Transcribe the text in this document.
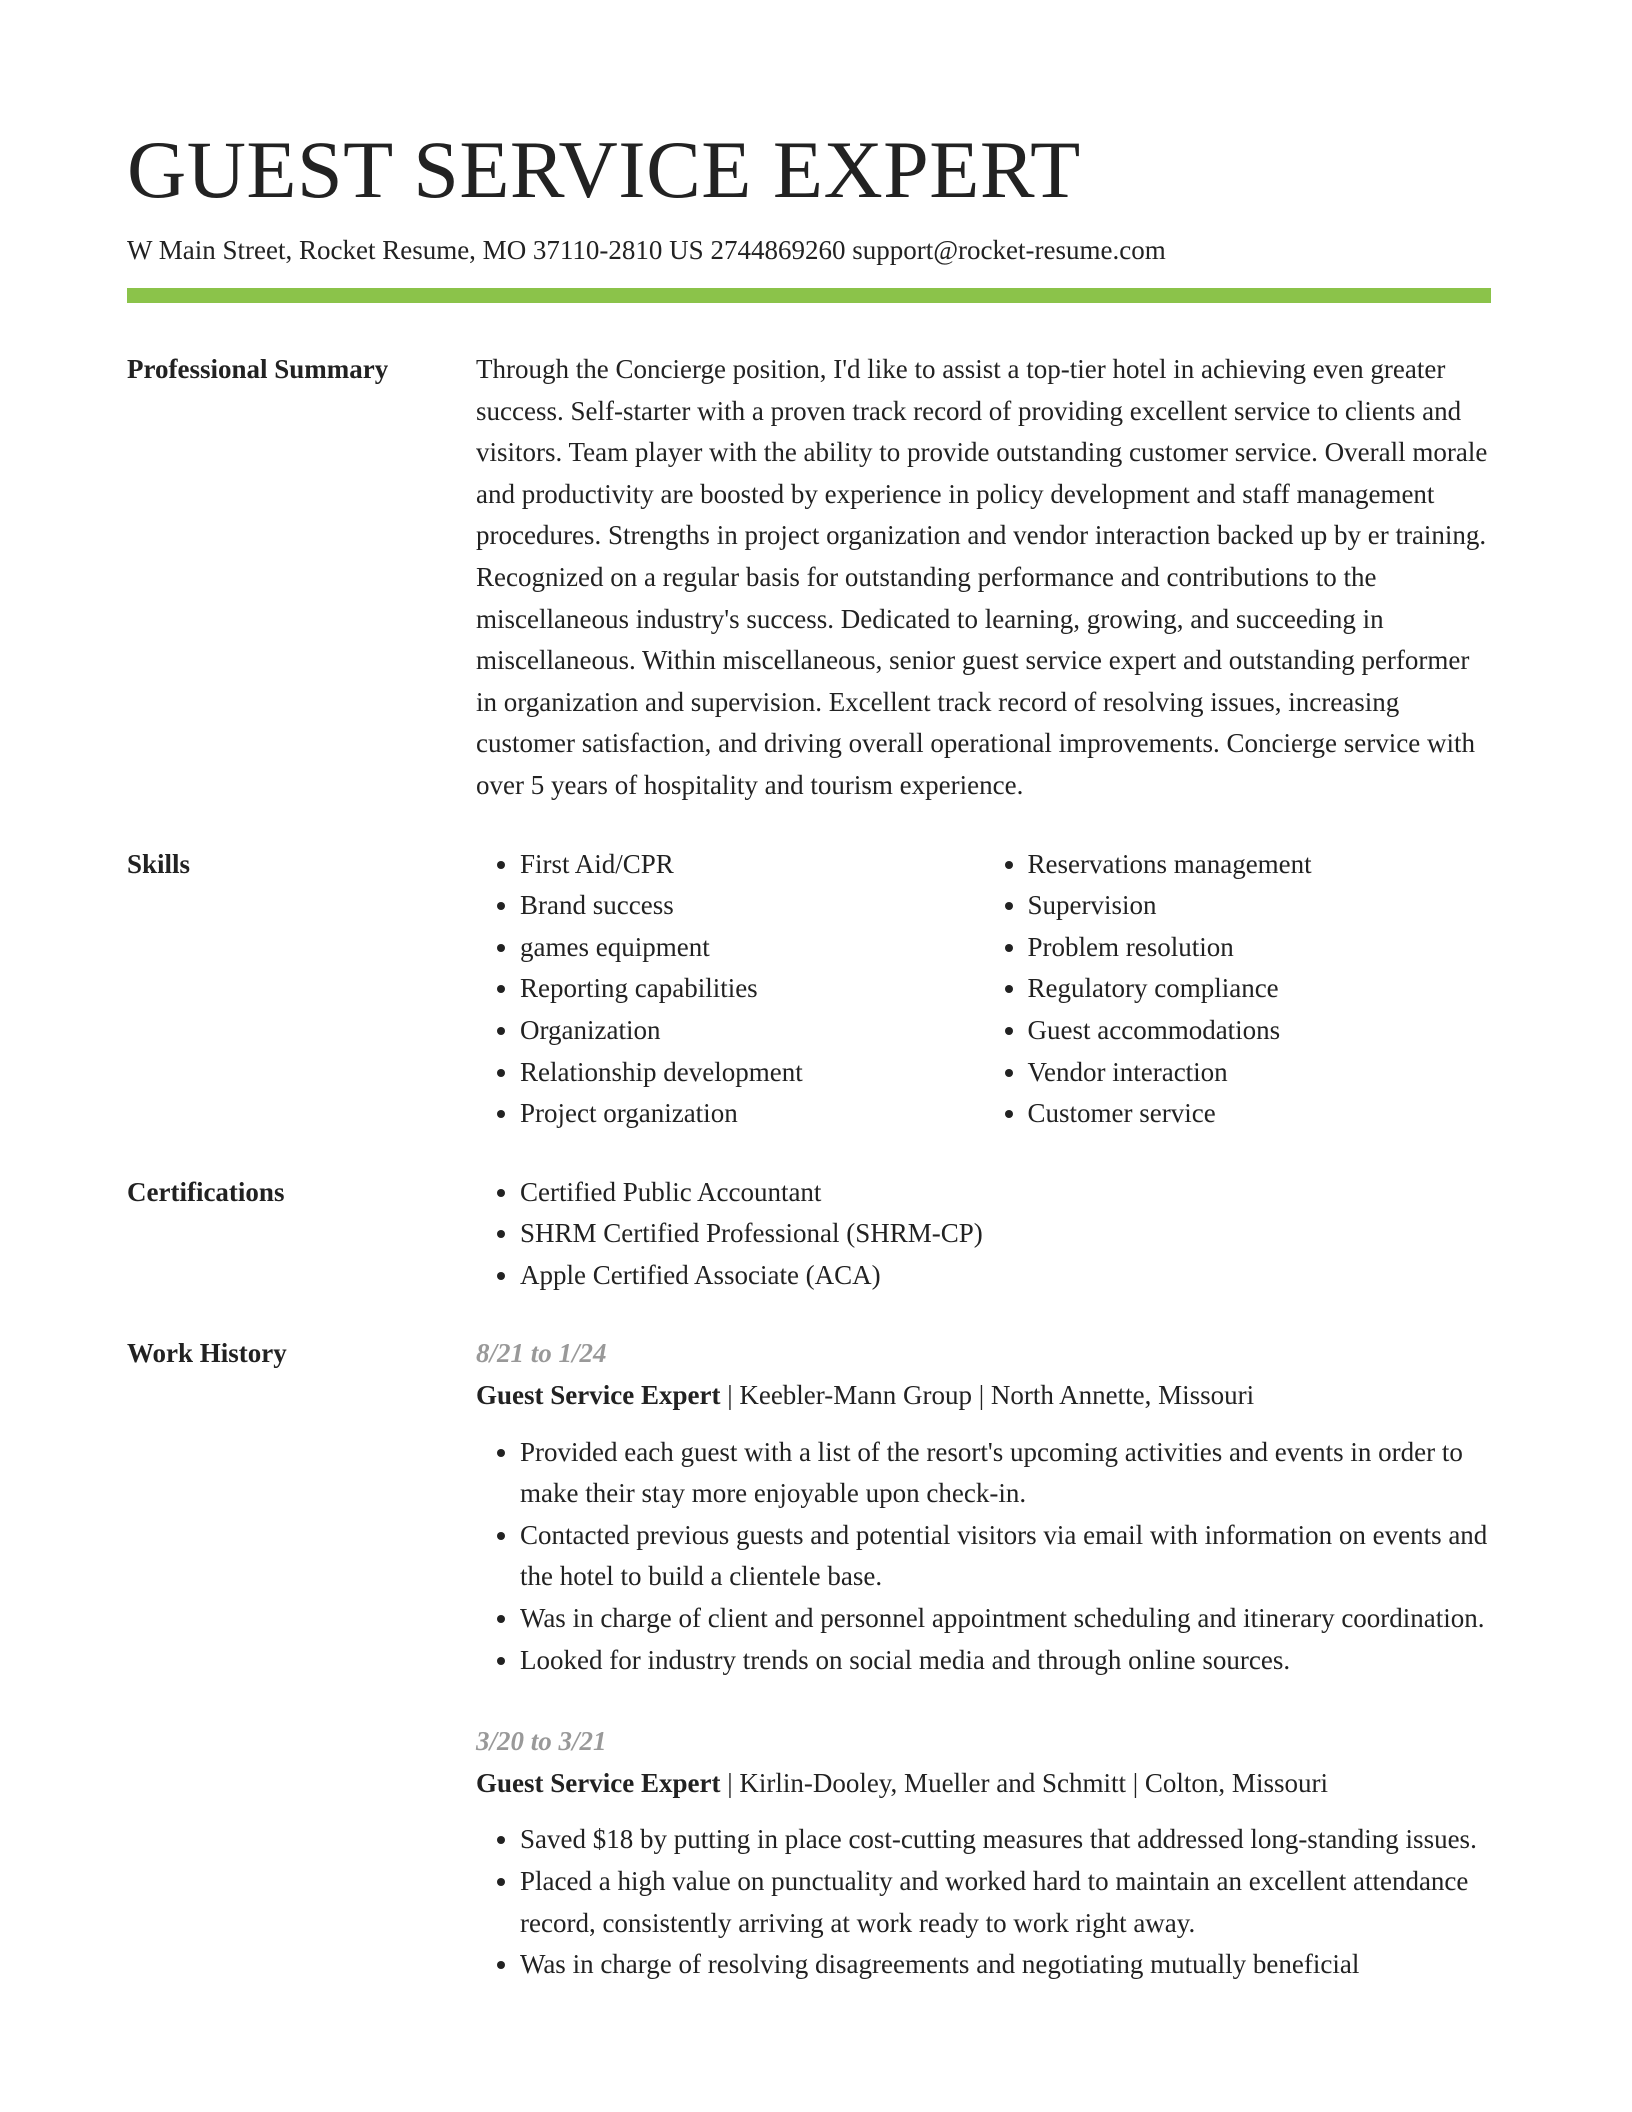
GUEST SERVICE EXPERT
W Main Street, Rocket Resume, MO 37110-2810 US 2744869260 support@rocket-resume.com
Professional Summary	Through the Concierge position, I'd like to assist a top-tier hotel in achieving even greater success. Self-starter with a proven track record of providing excellent service to clients and visitors. Team player with the ability to provide outstanding customer service. Overall morale and productivity are boosted by experience in policy development and staff management procedures. Strengths in project organization and vendor interaction backed up by er training. Recognized on a regular basis for outstanding performance and contributions to the miscellaneous industry's success. Dedicated to learning, growing, and succeeding in miscellaneous. Within miscellaneous, senior guest service expert and outstanding performer in organization and supervision. Excellent track record of resolving issues, increasing customer satisfaction, and driving overall operational improvements. Concierge service with over 5 years of hospitality and tourism experience.

Skills	• First Aid/CPR
• Brand success
• games equipment
• Reporting capabilities
• Organization
• Relationship development
• Project organization
• Reservations management
• Supervision
• Problem resolution
• Regulatory compliance
• Guest accommodations
• Vendor interaction
• Customer service
Certifications	• Certified Public Accountant
• SHRM Certified Professional (SHRM-CP)
• Apple Certified Associate (ACA)
Work History	8/21 to 1/24
Guest Service Expert | Keebler-Mann Group | North Annette, Missouri
• Provided each guest with a list of the resort's upcoming activities and events in order to make their stay more enjoyable upon check-in.
• Contacted previous guests and potential visitors via email with information on events and the hotel to build a clientele base.
• Was in charge of client and personnel appointment scheduling and itinerary coordination.
• Looked for industry trends on social media and through online sources.
3/20 to 3/21
Guest Service Expert | Kirlin-Dooley, Mueller and Schmitt | Colton, Missouri
• Saved $18 by putting in place cost-cutting measures that addressed long-standing issues.
• Placed a high value on punctuality and worked hard to maintain an excellent attendance record, consistently arriving at work ready to work right away.
• Was in charge of resolving disagreements and negotiating mutually beneficial
